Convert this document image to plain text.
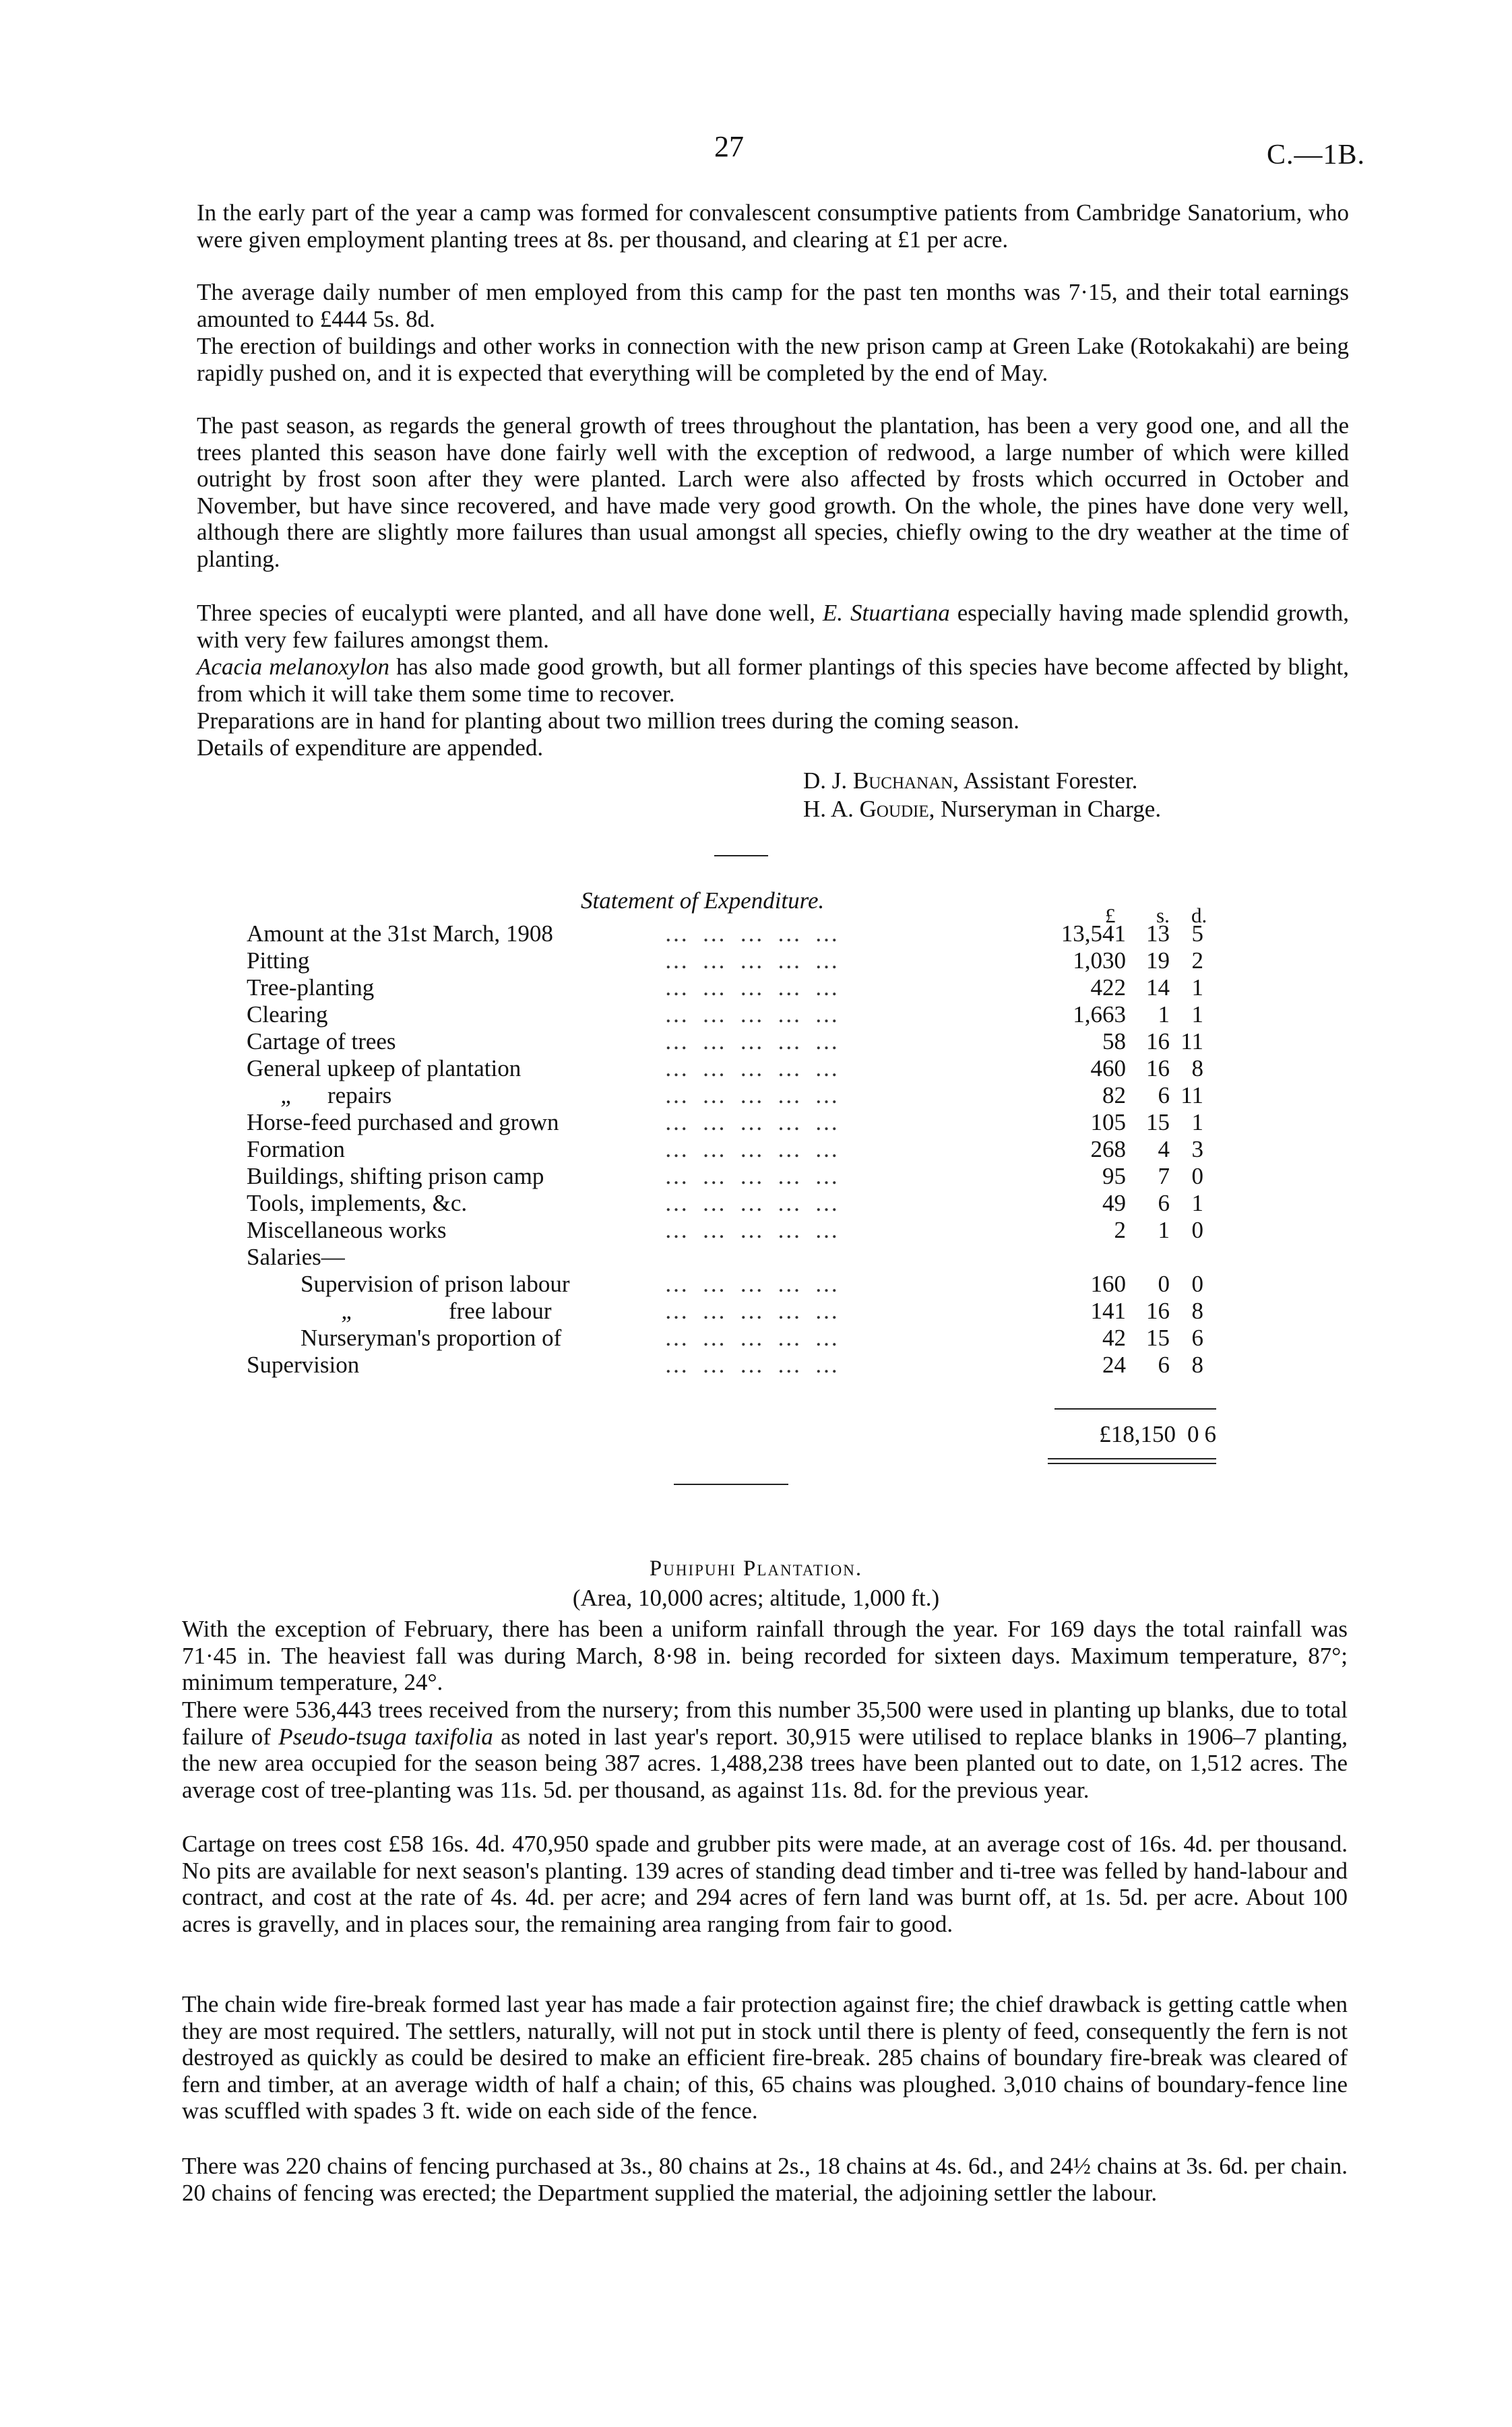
27	C.—1B.

In the early part of the year a camp was formed for convalescent consumptive patients from Cambridge Sanatorium, who were given employment planting trees at 8s. per thousand, and clearing at £1 per acre.

The average daily number of men employed from this camp for the past ten months was 7·15, and their total earnings amounted to £444 5s. 8d.

The erection of buildings and other works in connection with the new prison camp at Green Lake (Rotokakahi) are being rapidly pushed on, and it is expected that everything will be completed by the end of May.

The past season, as regards the general growth of trees throughout the plantation, has been a very good one, and all the trees planted this season have done fairly well with the exception of redwood, a large number of which were killed outright by frost soon after they were planted. Larch were also affected by frosts which occurred in October and November, but have since recovered, and have made very good growth. On the whole, the pines have done very well, although there are slightly more failures than usual amongst all species, chiefly owing to the dry weather at the time of planting.

Three species of eucalypti were planted, and all have done well, E. Stuartiana especially having made splendid growth, with very few failures amongst them.

Acacia melanoxylon has also made good growth, but all former plantings of this species have become affected by blight, from which it will take them some time to recover.

Preparations are in hand for planting about two million trees during the coming season.

Details of expenditure are appended.

D. J. Buchanan, Assistant Forester.
H. A. Goudie, Nurseryman in Charge.
Statement of Expenditure.
£ s. d.
Amount at the 31st March, 1908	… … … … …	13,541 13 5
Pitting	… … … … …	1,030 19 2
Tree-planting	… … … … …	422 14 1
Clearing	… … … … …	1,663	1 1
Cartage of trees	… … … … …	58 16 11
General upkeep of plantation	… … … … …	460 16 8
„ repairs	… … … … …	82	6 11
Horse-feed purchased and grown	… … … … …	105 15 1
Formation	… … … … …	268	4 3
Buildings, shifting prison camp	… … … … …	95	7 0
Tools, implements, &c.	… … … … …	49	6 1
Miscellaneous works	… … … … …	2	1 0
Salaries—
Supervision of prison labour	… … … … …	160	0 0
„	free labour	… … … … …	141 16 8
Nurseryman's proportion of	… … … … …	42 15 6
Supervision	… … … … …	24	6 8
£18,150 0 6
Puhipuhi Plantation.
(Area, 10,000 acres; altitude, 1,000 ft.)

With the exception of February, there has been a uniform rainfall through the year. For 169 days the total rainfall was 71·45 in. The heaviest fall was during March, 8·98 in. being recorded for sixteen days. Maximum temperature, 87°; minimum temperature, 24°.

There were 536,443 trees received from the nursery; from this number 35,500 were used in planting up blanks, due to total failure of Pseudo-tsuga taxifolia as noted in last year's report. 30,915 were utilised to replace blanks in 1906–7 planting, the new area occupied for the season being 387 acres. 1,488,238 trees have been planted out to date, on 1,512 acres. The average cost of tree-planting was 11s. 5d. per thousand, as against 11s. 8d. for the previous year.

Cartage on trees cost £58 16s. 4d. 470,950 spade and grubber pits were made, at an average cost of 16s. 4d. per thousand. No pits are available for next season's planting. 139 acres of standing dead timber and ti-tree was felled by hand-labour and contract, and cost at the rate of 4s. 4d. per acre; and 294 acres of fern land was burnt off, at 1s. 5d. per acre. About 100 acres is gravelly, and in places sour, the remaining area ranging from fair to good.

The chain wide fire-break formed last year has made a fair protection against fire; the chief drawback is getting cattle when they are most required. The settlers, naturally, will not put in stock until there is plenty of feed, consequently the fern is not destroyed as quickly as could be desired to make an efficient fire-break. 285 chains of boundary fire-break was cleared of fern and timber, at an average width of half a chain; of this, 65 chains was ploughed. 3,010 chains of boundary-fence line was scuffled with spades 3 ft. wide on each side of the fence.

There was 220 chains of fencing purchased at 3s., 80 chains at 2s., 18 chains at 4s. 6d., and 24½ chains at 3s. 6d. per chain. 20 chains of fencing was erected; the Department supplied the material, the adjoining settler the labour.
